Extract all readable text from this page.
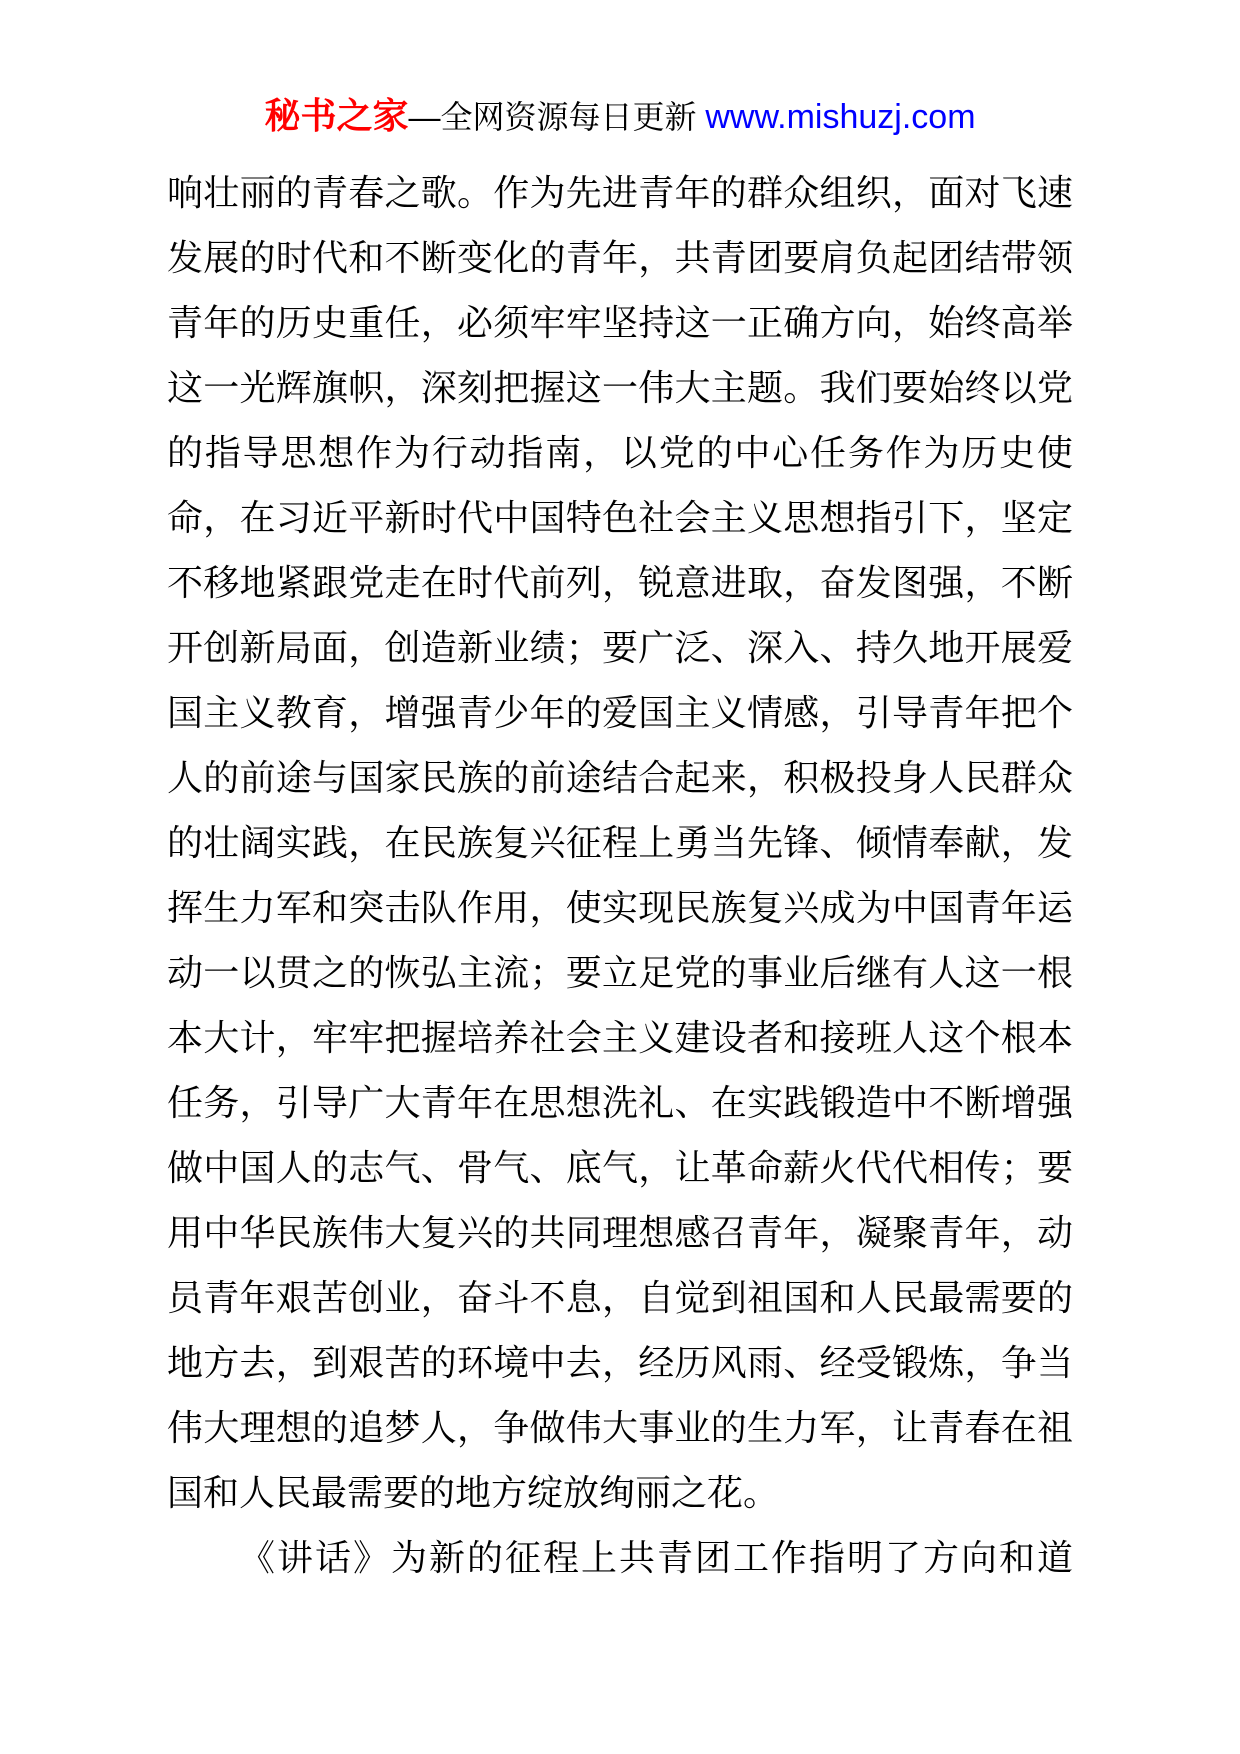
秘书之家—全网资源每日更新 www.mishuzj.com
响壮丽的青春之歌。作为先进青年的群众组织，面对飞速
发展的时代和不断变化的青年，共青团要肩负起团结带领
青年的历史重任，必须牢牢坚持这一正确方向，始终高举
这一光辉旗帜，深刻把握这一伟大主题。我们要始终以党
的指导思想作为行动指南，以党的中心任务作为历史使
命，在习近平新时代中国特色社会主义思想指引下，坚定
不移地紧跟党走在时代前列，锐意进取，奋发图强，不断
开创新局面，创造新业绩；要广泛、深入、持久地开展爱
国主义教育，增强青少年的爱国主义情感，引导青年把个
人的前途与国家民族的前途结合起来，积极投身人民群众
的壮阔实践，在民族复兴征程上勇当先锋、倾情奉献，发
挥生力军和突击队作用，使实现民族复兴成为中国青年运
动一以贯之的恢弘主流；要立足党的事业后继有人这一根
本大计，牢牢把握培养社会主义建设者和接班人这个根本
任务，引导广大青年在思想洗礼、在实践锻造中不断增强
做中国人的志气、骨气、底气，让革命薪火代代相传；要
用中华民族伟大复兴的共同理想感召青年，凝聚青年，动
员青年艰苦创业，奋斗不息，自觉到祖国和人民最需要的
地方去，到艰苦的环境中去，经历风雨、经受锻炼，争当
伟大理想的追梦人，争做伟大事业的生力军，让青春在祖
国和人民最需要的地方绽放绚丽之花。
《讲话》为新的征程上共青团工作指明了方向和道
